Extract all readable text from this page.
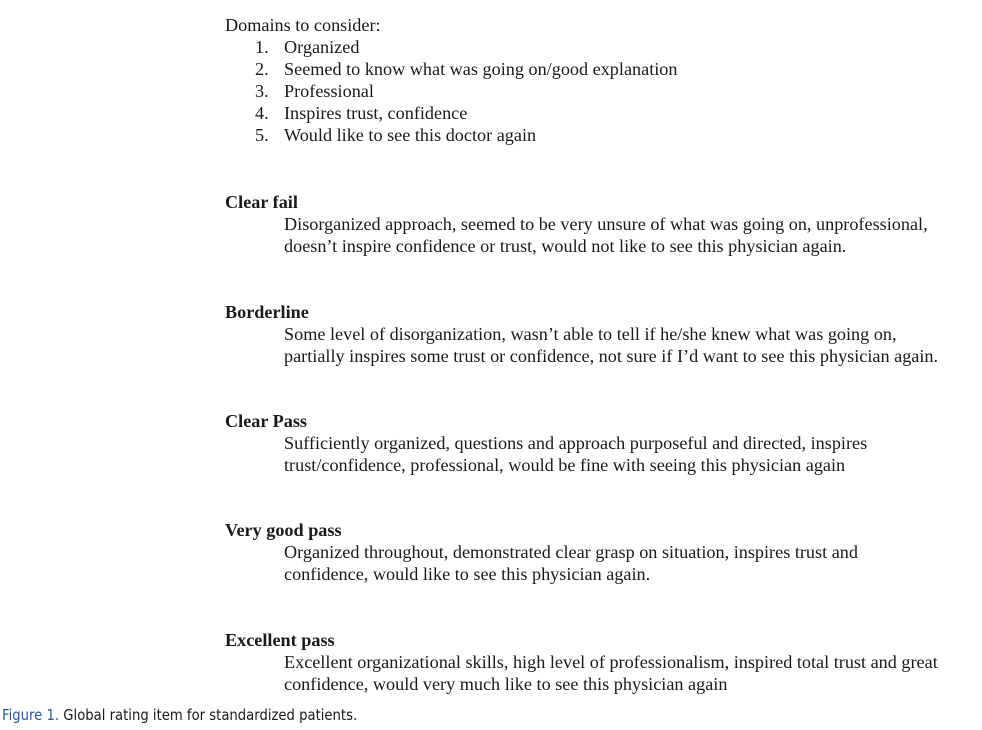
Domains to consider:

1. Organized
2. Seemed to know what was going on/good explanation
3. Professional
4. Inspires trust, confidence
5. Would like to see this doctor again

Clear fail

Disorganized approach, seemed to be very unsure of what was going on, unprofessional,
doesn’t inspire confidence or trust, would not like to see this physician again.

Borderline

Some level of disorganization, wasn’t able to tell if he/she knew what was going on,
partially inspires some trust or confidence, not sure if I’d want to see this physician again.

Clear Pass

Sufficiently organized, questions and approach purposeful and directed, inspires
trust/confidence, professional, would be fine with seeing this physician again

Very good pass

Organized throughout, demonstrated clear grasp on situation, inspires trust and
confidence, would like to see this physician again.

Excellent pass

Excellent organizational skills, high level of professionalism, inspired total trust and great
confidence, would very much like to see this physician again

Figure 1. Global rating item for standardized patients.
